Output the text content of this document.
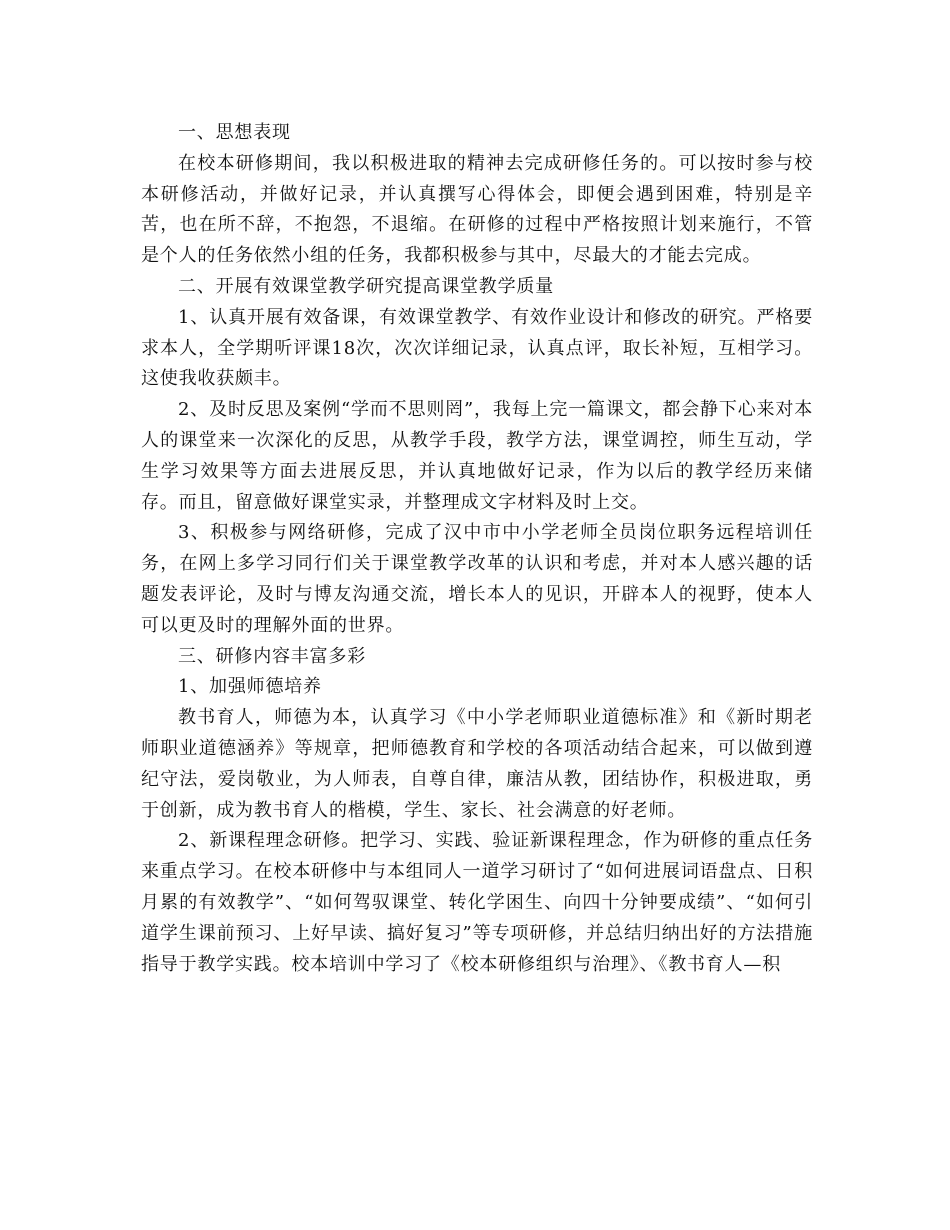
一、思想表现

在校本研修期间，我以积极进取的精神去完成研修任务的。可以按时参与校本研修活动，并做好记录，并认真撰写心得体会，即便会遇到困难，特别是辛苦，也在所不辞，不抱怨，不退缩。在研修的过程中严格按照计划来施行，不管是个人的任务依然小组的任务，我都积极参与其中，尽最大的才能去完成。

二、开展有效课堂教学研究提高课堂教学质量

1、认真开展有效备课，有效课堂教学、有效作业设计和修改的研究。严格要求本人，全学期听评课18次，次次详细记录，认真点评，取长补短，互相学习。这使我收获颇丰。

2、及时反思及案例“学而不思则罔”，我每上完一篇课文，都会静下心来对本人的课堂来一次深化的反思，从教学手段，教学方法，课堂调控，师生互动，学生学习效果等方面去进展反思，并认真地做好记录，作为以后的教学经历来储存。而且，留意做好课堂实录，并整理成文字材料及时上交。

3、积极参与网络研修，完成了汉中市中小学老师全员岗位职务远程培训任务，在网上多学习同行们关于课堂教学改革的认识和考虑，并对本人感兴趣的话题发表评论，及时与博友沟通交流，增长本人的见识，开辟本人的视野，使本人可以更及时的理解外面的世界。

三、研修内容丰富多彩

1、加强师德培养

教书育人，师德为本，认真学习《中小学老师职业道德标准》和《新时期老师职业道德涵养》等规章，把师德教育和学校的各项活动结合起来，可以做到遵纪守法，爱岗敬业，为人师表，自尊自律，廉洁从教，团结协作，积极进取，勇于创新，成为教书育人的楷模，学生、家长、社会满意的好老师。

2、新课程理念研修。把学习、实践、验证新课程理念，作为研修的重点任务来重点学习。在校本研修中与本组同人一道学习研讨了“如何进展词语盘点、日积月累的有效教学”、“如何驾驭课堂、转化学困生、向四十分钟要成绩”、“如何引道学生课前预习、上好早读、搞好复习”等专项研修，并总结归纳出好的方法措施指导于教学实践。校本培训中学习了《校本研修组织与治理》、《教书育人—积
